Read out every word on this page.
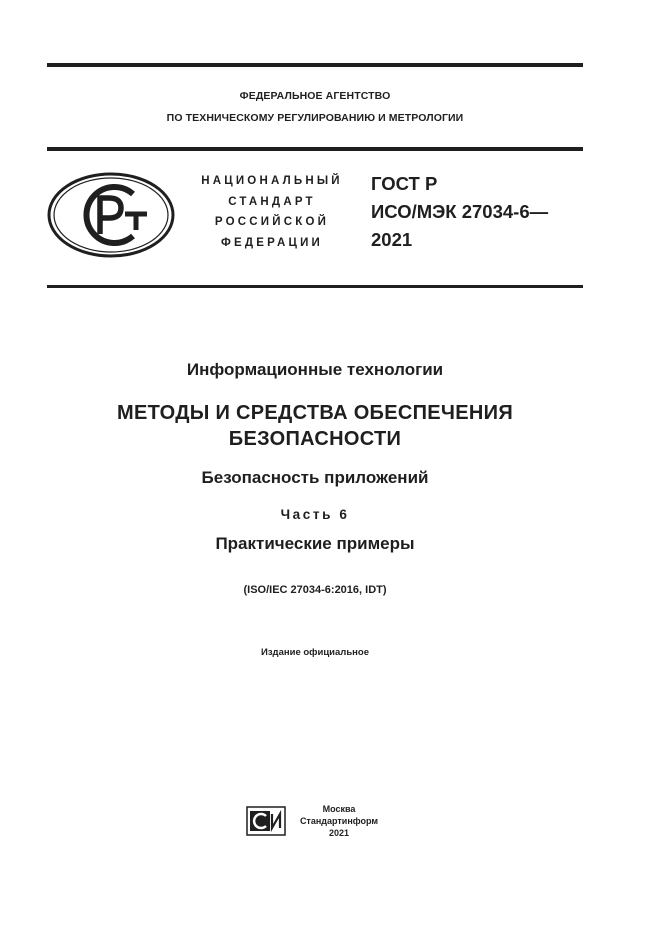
ФЕДЕРАЛЬНОЕ АГЕНТСТВО
ПО ТЕХНИЧЕСКОМУ РЕГУЛИРОВАНИЮ И МЕТРОЛОГИИ
НАЦИОНАЛЬНЫЙ
СТАНДАРТ
РОССИЙСКОЙ
ФЕДЕРАЦИИ
ГОСТ Р
ИСО/МЭК 27034-6—
2021
Информационные технологии
МЕТОДЫ И СРЕДСТВА ОБЕСПЕЧЕНИЯ
БЕЗОПАСНОСТИ
Безопасность приложений
Часть 6
Практические примеры
(ISO/IEC 27034-6:2016, IDT)
Издание официальное
Москва
Стандартинформ
2021
